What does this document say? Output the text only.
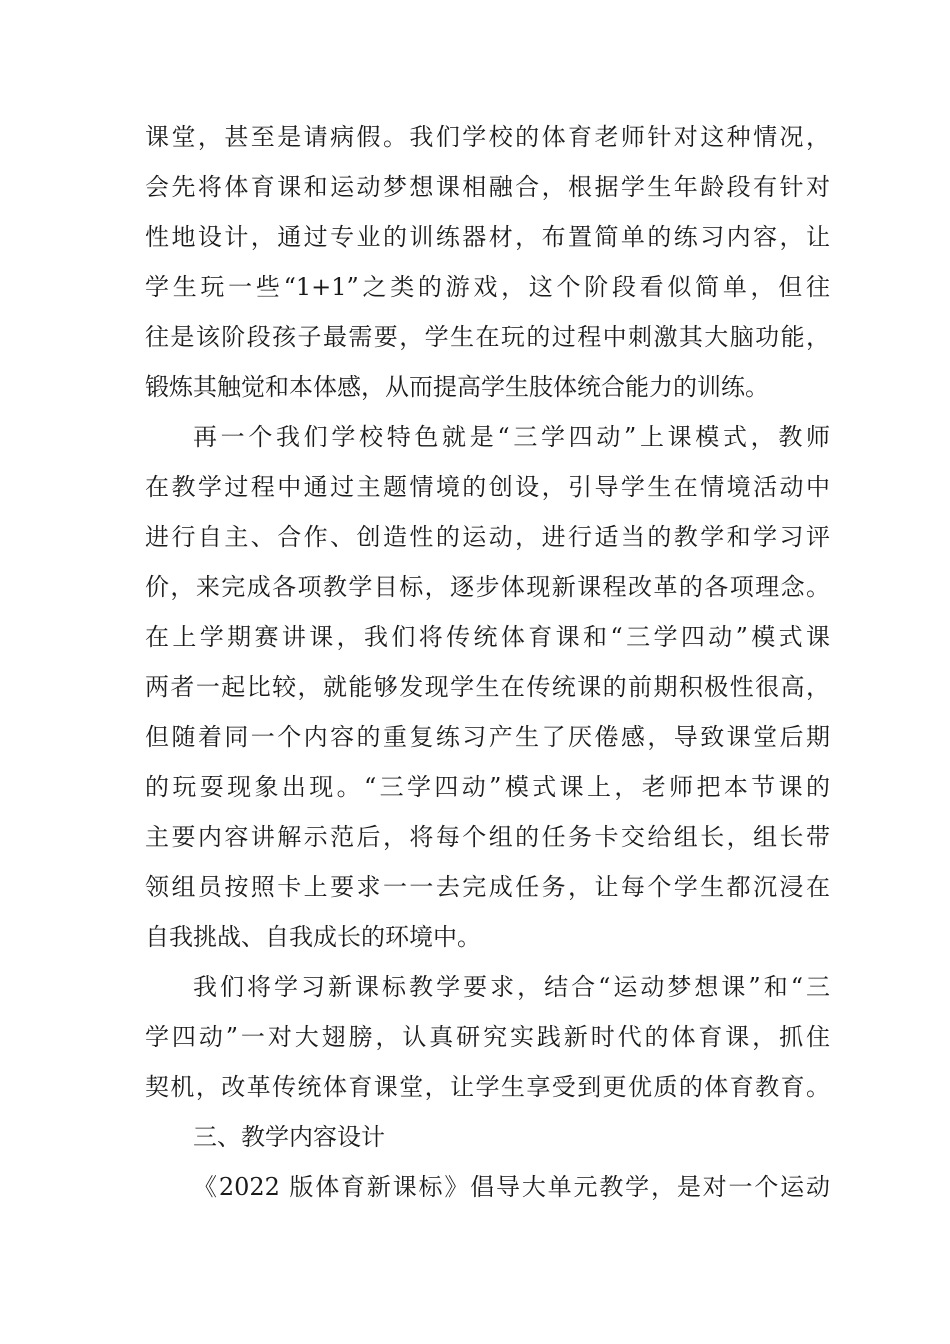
课堂，甚至是请病假。我们学校的体育老师针对这种情况，
会先将体育课和运动梦想课相融合，根据学生年龄段有针对
性地设计，通过专业的训练器材，布置简单的练习内容，让
学生玩一些“1+1”之类的游戏，这个阶段看似简单，但往
往是该阶段孩子最需要，学生在玩的过程中刺激其大脑功能，
锻炼其触觉和本体感，从而提高学生肢体统合能力的训练。
再一个我们学校特色就是“三学四动”上课模式，教师
在教学过程中通过主题情境的创设，引导学生在情境活动中
进行自主、合作、创造性的运动，进行适当的教学和学习评
价，来完成各项教学目标，逐步体现新课程改革的各项理念。
在上学期赛讲课，我们将传统体育课和“三学四动”模式课
两者一起比较，就能够发现学生在传统课的前期积极性很高，
但随着同一个内容的重复练习产生了厌倦感，导致课堂后期
的玩耍现象出现。“三学四动”模式课上，老师把本节课的
主要内容讲解示范后，将每个组的任务卡交给组长，组长带
领组员按照卡上要求一一去完成任务，让每个学生都沉浸在
自我挑战、自我成长的环境中。
我们将学习新课标教学要求，结合“运动梦想课”和“三
学四动”一对大翅膀，认真研究实践新时代的体育课，抓住
契机，改革传统体育课堂，让学生享受到更优质的体育教育。
三、教学内容设计
《2022 版体育新课标》倡导大单元教学，是对一个运动
